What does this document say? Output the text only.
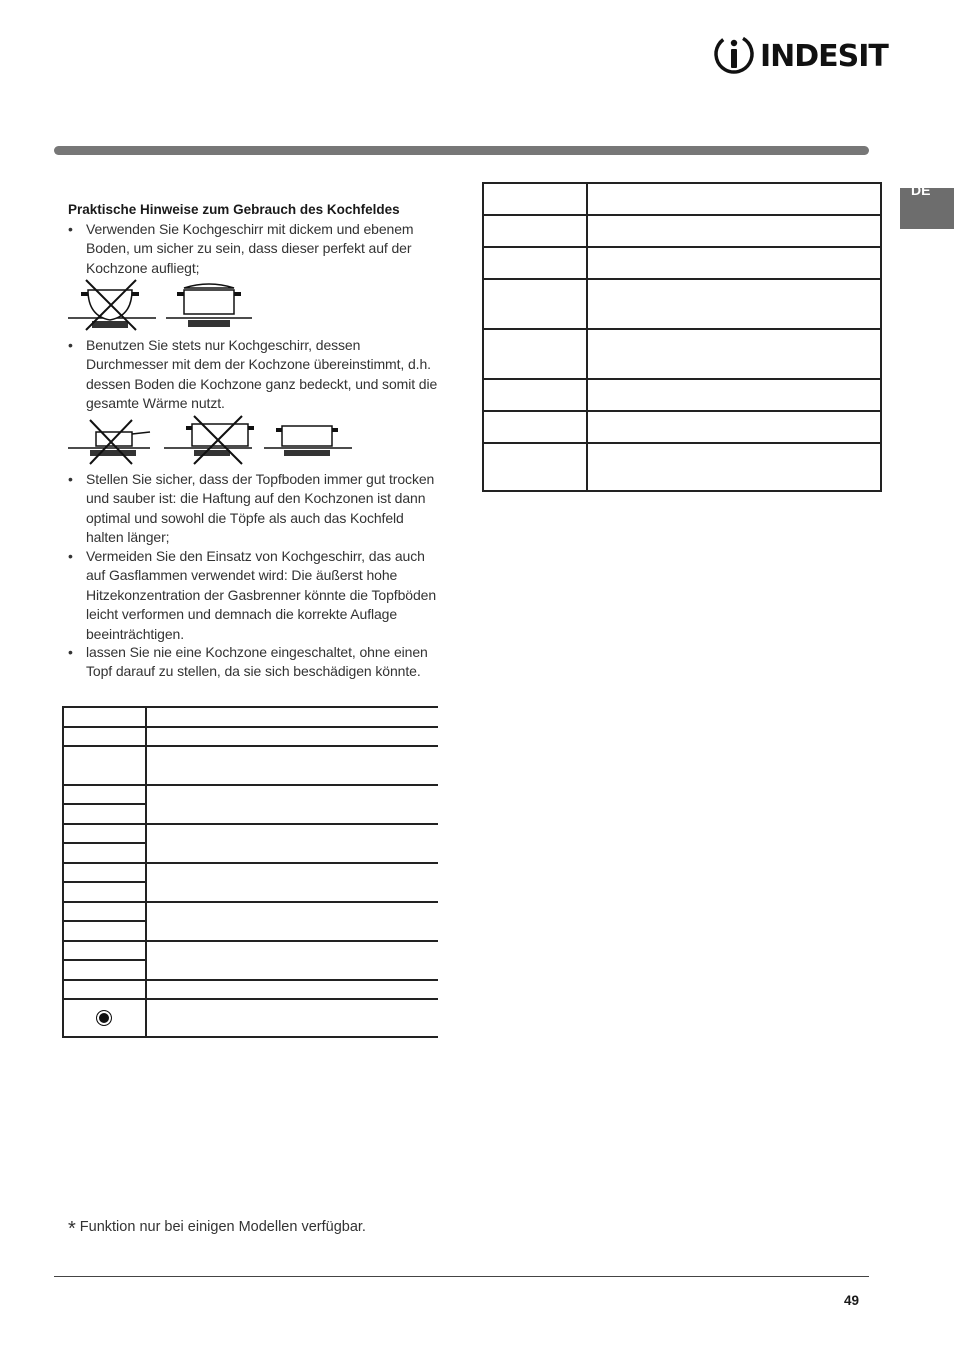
INDESIT
DE
Praktische Hinweise zum Gebrauch des Kochfeldes
• Verwenden Sie Kochgeschirr mit dickem und ebenem
Boden, um sicher zu sein, dass dieser perfekt auf der
Kochzone aufliegt;
• Benutzen Sie stets nur Kochgeschirr, dessen
Durchmesser mit dem der Kochzone übereinstimmt, d.h.
dessen Boden die Kochzone ganz bedeckt, und somit die
gesamte Wärme nutzt.
• Stellen Sie sicher, dass der Topfboden immer gut trocken
und sauber ist: die Haftung auf den Kochzonen ist dann
optimal und sowohl die Töpfe als auch das Kochfeld
halten länger;
• Vermeiden Sie den Einsatz von Kochgeschirr, das auch
auf Gasflammen verwendet wird: Die äußerst hohe
Hitzekonzentration der Gasbrenner könnte die Topfböden
leicht verformen und demnach die korrekte Auflage
beeinträchtigen.
• lassen Sie nie eine Kochzone eingeschaltet, ohne einen
Topf darauf zu stellen, da sie sich beschädigen könnte.
* Funktion nur bei einigen Modellen verfügbar.
49
